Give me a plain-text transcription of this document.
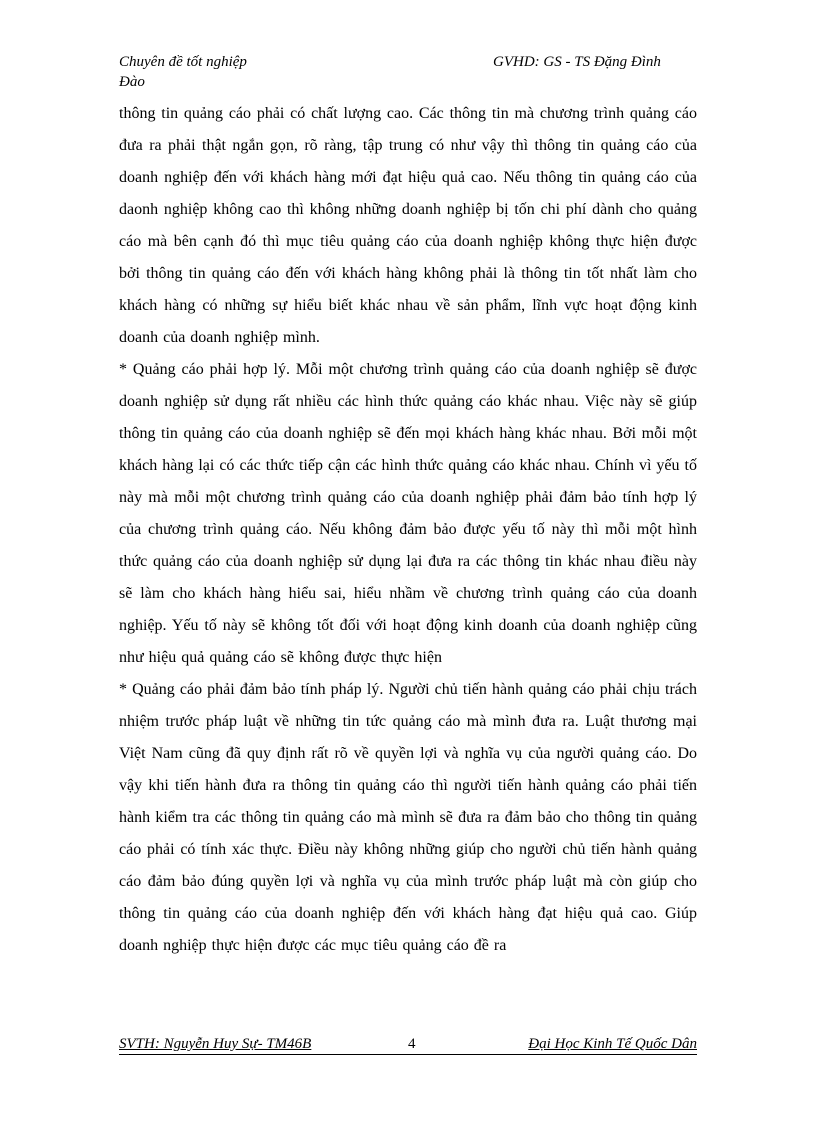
Chuyên đề tốt nghiệp	GVHD: GS - TS Đặng Đình
Đào

thông tin quảng cáo phải có chất lượng cao. Các thông tin mà chương trình quảng cáo đưa ra phải thật ngắn gọn, rõ ràng, tập trung có như vậy thì thông tin quảng cáo của doanh nghiệp đến với khách hàng mới đạt hiệu quả cao. Nếu thông tin quảng cáo của daonh nghiệp không cao thì không những doanh nghiệp bị tốn chi phí dành cho quảng cáo mà bên cạnh đó thì mục tiêu quảng cáo của doanh nghiệp không thực hiện được bởi thông tin quảng cáo đến với khách hàng không phải là thông tin tốt nhất làm cho khách hàng có những sự hiểu biết khác nhau về sản phẩm, lĩnh vực hoạt động kinh doanh của doanh nghiệp mình.

* Quảng cáo phải hợp lý. Mỗi một chương trình quảng cáo của doanh nghiệp sẽ được doanh nghiệp sử dụng rất nhiều các hình thức quảng cáo khác nhau. Việc này sẽ giúp thông tin quảng cáo của doanh nghiệp sẽ đến mọi khách hàng khác nhau. Bởi mỗi một khách hàng lại có các thức tiếp cận các hình thức quảng cáo khác nhau. Chính vì yếu tố này mà mỗi một chương trình quảng cáo của doanh nghiệp phải đảm bảo tính hợp lý của chương trình quảng cáo. Nếu không đảm bảo được yếu tố này thì mỗi một hình thức quảng cáo của doanh nghiệp sử dụng lại đưa ra các thông tin khác nhau điều này sẽ làm cho khách hàng hiểu sai, hiểu nhầm về chương trình quảng cáo của doanh nghiệp. Yếu tố này sẽ không tốt đối với hoạt động kinh doanh của doanh nghiệp cũng như hiệu quả quảng cáo sẽ không được thực hiện

* Quảng cáo phải đảm bảo tính pháp lý. Người chủ tiến hành quảng cáo phải chịu trách nhiệm trước pháp luật về những tin tức quảng cáo mà mình đưa ra. Luật thương mại Việt Nam cũng đã quy định rất rõ về quyền lợi và nghĩa vụ của người quảng cáo. Do vậy khi tiến hành đưa ra thông tin quảng cáo thì người tiến hành quảng cáo phải tiến hành kiểm tra các thông tin quảng cáo mà mình sẽ đưa ra đảm bảo cho thông tin quảng cáo phải có tính xác thực. Điều này không những giúp cho người chủ tiến hành quảng cáo đảm bảo đúng quyền lợi và nghĩa vụ của mình trước pháp luật mà còn giúp cho thông tin quảng cáo của doanh nghiệp đến với khách hàng đạt hiệu quả cao. Giúp doanh nghiệp thực hiện được các mục tiêu quảng cáo đề ra

SVTH: Nguyễn Huy Sự- TM46B	4	Đại Học Kinh Tế Quốc Dân
